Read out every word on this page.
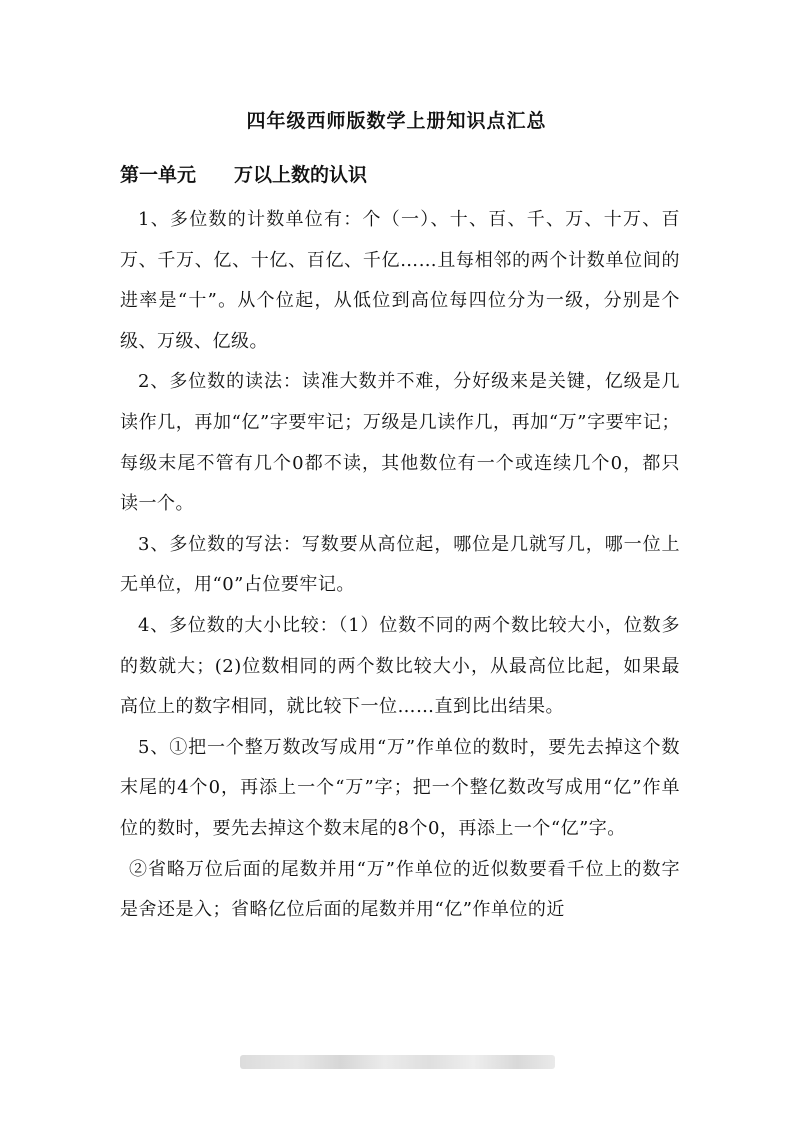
四年级西师版数学上册知识点汇总
第一单元 万以上数的认识

1、多位数的计数单位有：个（一）、十、百、千、万、十万、百万、千万、亿、十亿、百亿、千亿……且每相邻的两个计数单位间的进率是“十”。从个位起，从低位到高位每四位分为一级，分别是个级、万级、亿级。

2、多位数的读法：读准大数并不难，分好级来是关键，亿级是几读作几，再加“亿”字要牢记；万级是几读作几，再加“万”字要牢记；每级末尾不管有几个0都不读，其他数位有一个或连续几个0，都只读一个。

3、多位数的写法：写数要从高位起，哪位是几就写几，哪一位上无单位，用“0”占位要牢记。

4、多位数的大小比较：（1）位数不同的两个数比较大小，位数多的数就大；(2)位数相同的两个数比较大小，从最高位比起，如果最高位上的数字相同，就比较下一位……直到比出结果。

5、①把一个整万数改写成用“万”作单位的数时，要先去掉这个数末尾的4个0，再添上一个“万”字；把一个整亿数改写成用“亿”作单位的数时，要先去掉这个数末尾的8个0，再添上一个“亿”字。

②省略万位后面的尾数并用“万”作单位的近似数要看千位上的数字是舍还是入；省略亿位后面的尾数并用“亿”作单位的近
